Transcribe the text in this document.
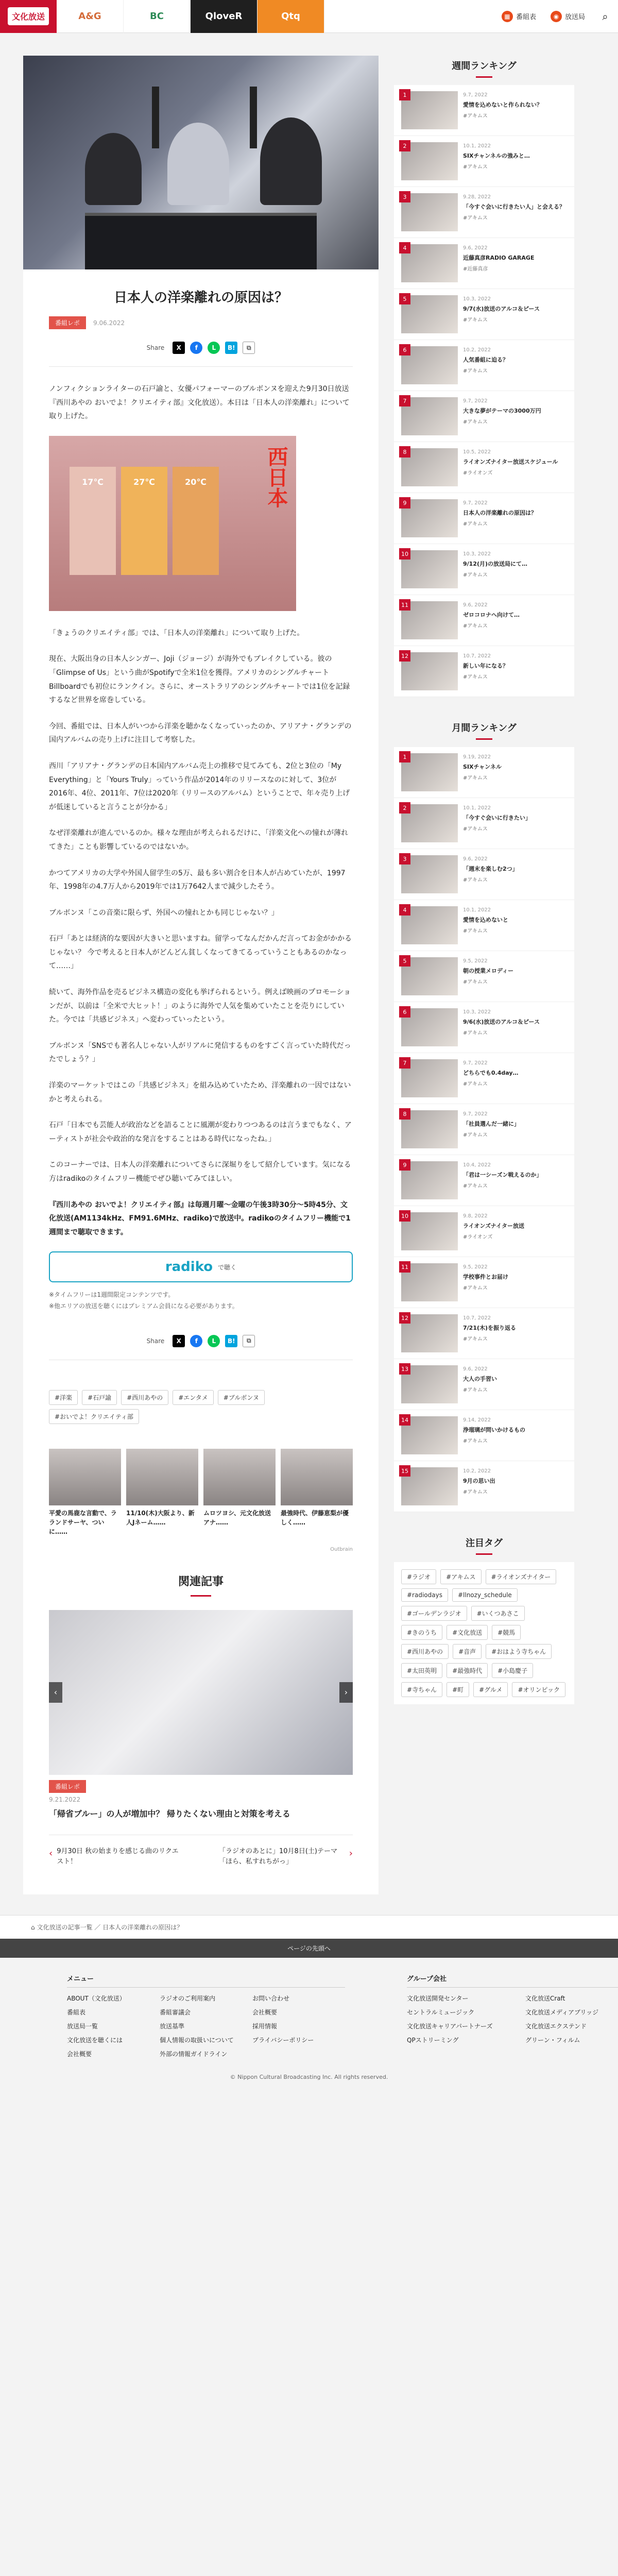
文化放送	A&G	BC	QloveR	Qtq	▦ 番組表	◉ 放送局 ⌕
日本人の洋楽離れの原因は？
番組レポ	9.06.2022
Share	X	f	L	B!	⧉

ノンフィクションライターの石戸諭と、女優パフォーマーのブルボンヌを迎えた9月30日放送『西川あやの おいでよ！クリエイティ部』文化放送）。本日は「日本人の洋楽離れ」について取り上げた。

17℃	27℃	20℃	西日本

「きょうのクリエイティ部」では、「日本人の洋楽離れ」について取り上げた。

現在、大阪出身の日本人シンガー、Joji（ジョージ）が海外でもブレイクしている。彼の「Glimpse of Us」という曲がSpotifyで全米1位を獲得。アメリカのシングルチャートBillboardでも初位にランクイン。さらに、オーストラリアのシングルチャートでは1位を記録するなど世界を席巻している。

今回、番組では、日本人がいつから洋楽を聴かなくなっていったのか、アリアナ・グランデの国内アルバムの売り上げに注目して考察した。

西川「アリアナ・グランデの日本国内アルバム売上の推移で見てみても、2位と3位の「My Everything」と「Yours Truly」っていう作品が2014年のリリースなのに対して、3位が2016年、4位、2011年、7位は2020年（リリースのアルバム）ということで、年々売り上げが低迷していると言うことが分かる」

なぜ洋楽離れが進んでいるのか。様々な理由が考えられるだけに、「洋楽文化への憧れが薄れてきた」ことも影響しているのではないか。

かつてアメリカの大学や外国人留学生の5万、最も多い割合を日本人が占めていたが、1997年、1998年の4.7万人から2019年では1万7642人まで減少したそう。

ブルボンヌ「この音楽に限らず、外国への憧れとかも同じじゃない？」

石戸「あとは経済的な要因が大きいと思いますね。留学ってなんだかんだ言ってお金がかかるじゃない？ 今で考えると日本人がどんどん貧しくなってきてるっていうこともあるのかなって……」

続いて、海外作品を売るビジネス構造の変化も挙げられるという。例えば映画のプロモーションだが、以前は「全米で大ヒット！」のように海外で人気を集めていたことを売りにしていた。今では「共感ビジネス」へ変わっていったという。

ブルボンヌ「SNSでも著名人じゃない人がリアルに発信するものをすごく言っていた時代だったでしょう？」

洋楽のマーケットではこの「共感ビジネス」を組み込めていたため、洋楽離れの一因ではないかと考えられる。

石戸「日本でも芸能人が政治などを語ることに風潮が変わりつつあるのは言うまでもなく、アーティストが社会や政治的な発言をすることはある時代になったね。」

このコーナーでは、日本人の洋楽離れについてさらに深堀りをして紹介しています。気になる方はradikoのタイムフリー機能でぜひ聴いてみてほしい。

『西川あやの おいでよ！クリエイティ部』は毎週月曜～金曜の午後3時30分～5時45分、文化放送(AM1134kHz、FM91.6MHz、radiko)で放送中。radikoのタイムフリー機能で1週間まで聴取できます。

radiko で聴く
※タイムフリーは1週間限定コンテンツです。
※他エリアの放送を聴くにはプレミアム会員になる必要があります。
Share	X	f	L	B!	⧉
#洋楽	#石戸諭	#西川あやの	#エンタメ	#ブルボンヌ
#おいでよ！クリエイティ部
平愛の馬鹿な言動で、ラランドサーヤ、ついに……
11/10(木)大阪より、新人Jネーム……
ムロツヨシ、元文化放送アナ……
最強時代、伊藤恵梨が優しく……
Outbrain
関連記事
‹	›
番組レポ
9.21.2022
「帰省ブルー」の人が増加中？ 帰りたくない理由と対策を考える
‹ 9月30日 秋の始まりを感じる曲のリクエスト！
「ラジオのあとに」10月8日(土)テーマ「ほら、私すれちがっ」
›
週間ランキング
1	9.7, 2022
愛情を込めないと作られない？
#アキムス
2	10.1, 2022
SIXチャンネルの強みと…
#アキムス
3	9.28, 2022
「今すぐ会いに行きたい人」と会える？
#アキムス
4	9.6, 2022
近藤真彦RADIO GARAGE
#近藤真彦
5	10.3, 2022
9/7(水)放送のアルコ＆ピース
#アキムス
6	10.2, 2022
人気番組に迫る？
#アキムス
7	9.7, 2022
大きな夢がテーマの3000万円
#アキムス
8	10.5, 2022
ライオンズナイター放送スケジュール
#ライオンズ
9	9.7, 2022
日本人の洋楽離れの原因は？
#アキムス
10	10.3, 2022
9/12(月)の放送局にて…
#アキムス
11	9.6, 2022
ゼロコロナへ向けて…
#アキムス
12	10.7, 2022
新しい年になる？
#アキムス
月間ランキング
1	9.19, 2022
SIXチャンネル
#アキムス
2	10.1, 2022
「今すぐ会いに行きたい」
#アキムス
3	9.6, 2022
「週末を楽しむ2つ」
#アキムス
4	10.1, 2022
愛情を込めないと
#アキムス
5	9.5, 2022
朝の授業メロディー
#アキムス
6	10.3, 2022
9/6(水)放送のアルコ＆ピース
#アキムス
7	9.7, 2022
どちらでも0.4day…
#アキムス
8	9.7, 2022
「社員選んだ一緒に」
#アキムス
9	10.4, 2022
「君は一シーズン戦えるのか」
#アキムス
10	9.8, 2022
ライオンズナイター放送
#ライオンズ
11	9.5, 2022
学校事件とお届け
#アキムス
12	10.7, 2022
7/21(木)を振り返る
#アキムス
13	9.6, 2022
大人の手習い
#アキムス
14	9.14, 2022
浄瑠璃が問いかけるもの
#アキムス
15	10.2, 2022
9月の思い出
#アキムス
注目タグ
#ラジオ	#アキムス	#ライオンズナイター
#radiodays	#llnozy_schedule
#ゴールデンラジオ	#いくつあさこ
#きのうち	#文化放送	#競馬
#西川あやの	#音声	#おはよう寺ちゃん
#太田英明	#最強時代	#小島慶子
#寺ちゃん	#町	#グルメ	#オリンピック
⌂ 文化放送の記事一覧 ／ 日本人の洋楽離れの原因は？
ページの先頭へ
メニュー
ABOUT（文化放送）	ラジオのご利用案内	お問い合わせ
番組表	番組審議会	会社概要
放送局一覧	放送基準	採用情報
文化放送を聴くには	個人情報の取扱いについて	プライバシーポリシー
会社概要	外部の情報ガイドライン
グループ会社
文化放送開発センター	文化放送Craft
セントラルミュージック	文化放送メディアブリッジ
文化放送キャリアパートナーズ	文化放送エクステンド
QPストリーミング	グリーン・フィルム
© Nippon Cultural Broadcasting Inc. All rights reserved.
